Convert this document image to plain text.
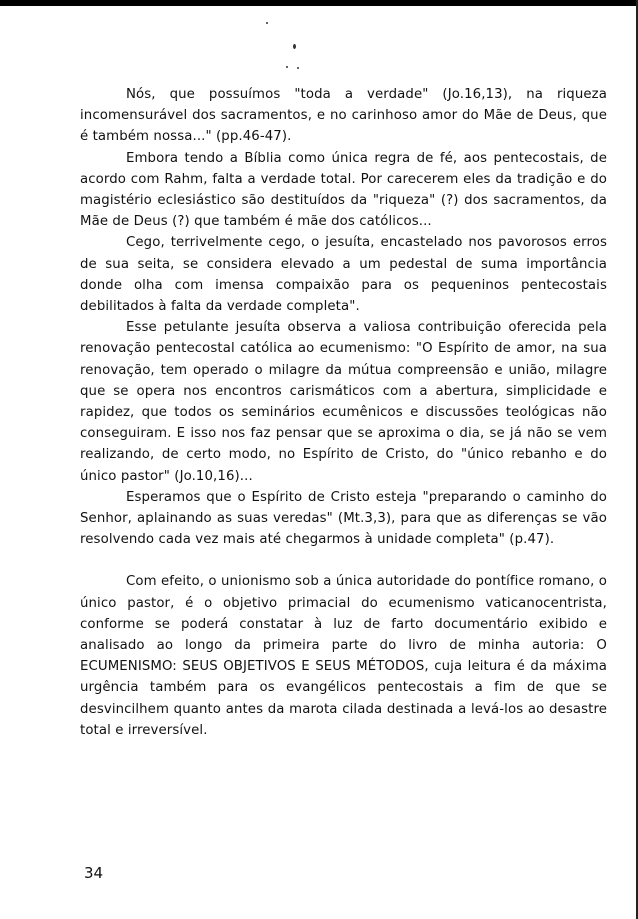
Nós, que possuímos "toda a verdade" (Jo.16,13), na riqueza incomensurável dos sacramentos, e no carinhoso amor do Mãe de Deus, que é também nossa..." (pp.46-47).

Embora tendo a Bíblia como única regra de fé, aos pentecostais, de acordo com Rahm, falta a verdade total. Por carecerem eles da tradição e do magistério eclesiástico são destituídos da "riqueza" (?) dos sacramentos, da Mãe de Deus (?) que também é mãe dos católicos...

Cego, terrivelmente cego, o jesuíta, encastelado nos pavorosos erros de sua seita, se considera elevado a um pedestal de suma importância donde olha com imensa compaixão para os pequeninos pentecostais debilitados à falta da verdade completa".

Esse petulante jesuíta observa a valiosa contribuição oferecida pela renovação pentecostal católica ao ecumenismo: "O Espírito de amor, na sua renovação, tem operado o milagre da mútua compreensão e união, milagre que se opera nos encontros carismáticos com a abertura, simplicidade e rapidez, que todos os seminários ecumênicos e discussões teológicas não conseguiram. E isso nos faz pensar que se aproxima o dia, se já não se vem realizando, de certo modo, no Espírito de Cristo, do "único rebanho e do único pastor" (Jo.10,16)...

Esperamos que o Espírito de Cristo esteja "preparando o caminho do Senhor, aplainando as suas veredas" (Mt.3,3), para que as diferenças se vão resolvendo cada vez mais até chegarmos à unidade completa" (p.47).

Com efeito, o unionismo sob a única autoridade do pontífice romano, o único pastor, é o objetivo primacial do ecumenismo vaticanocentrista, conforme se poderá constatar à luz de farto documentário exibido e analisado ao longo da primeira parte do livro de minha autoria: O ECUMENISMO: SEUS OBJETIVOS E SEUS MÉTODOS, cuja leitura é da máxima urgência também para os evangélicos pentecostais a fim de que se desvincilhem quanto antes da marota cilada destinada a levá-los ao desastre total e irreversível.

34
